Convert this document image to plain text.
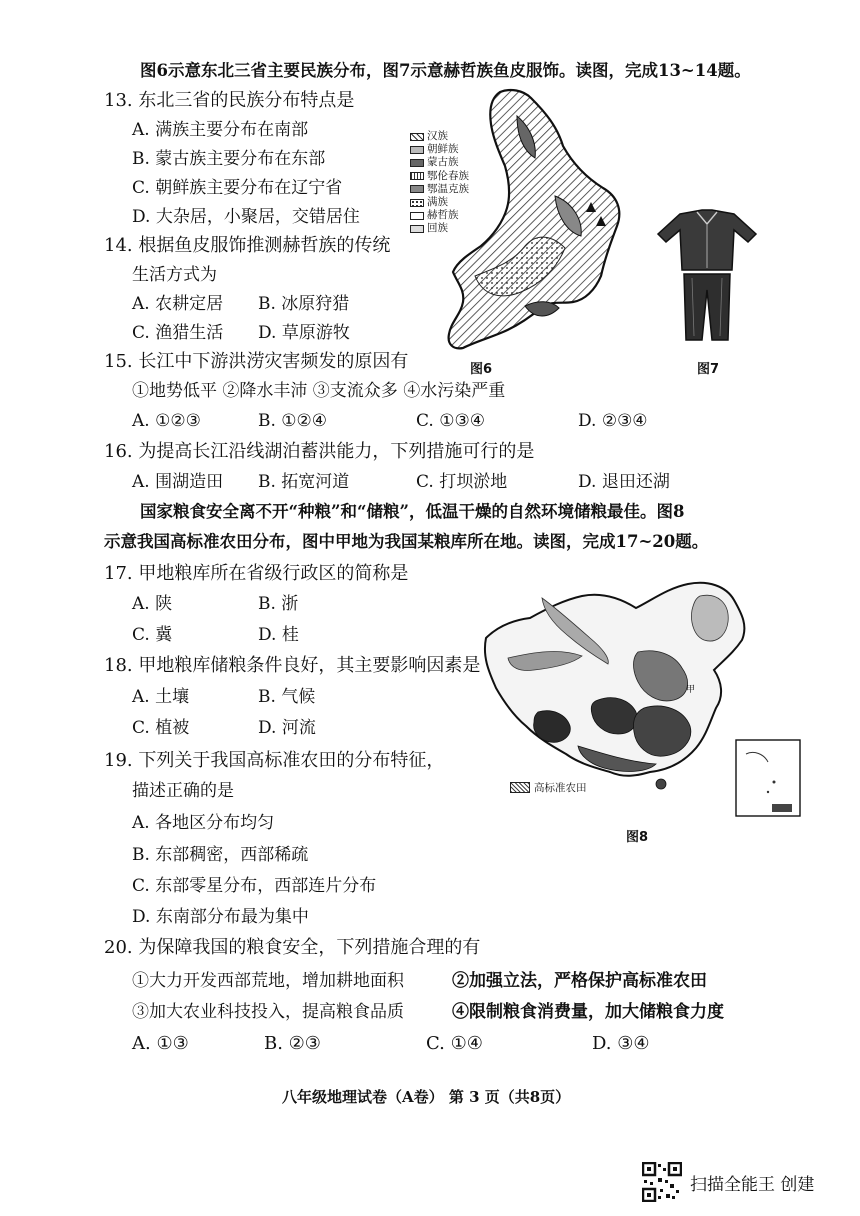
图6示意东北三省主要民族分布，图7示意赫哲族鱼皮服饰。读图，完成13~14题。
13. 东北三省的民族分布特点是
A. 满族主要分布在南部
B. 蒙古族主要分布在东部
C. 朝鲜族主要分布在辽宁省
D. 大杂居，小聚居，交错居住
14. 根据鱼皮服饰推测赫哲族的传统
生活方式为
A. 农耕定居 B. 冰原狩猎
C. 渔猎生活 D. 草原游牧
汉族
朝鲜族
蒙古族
鄂伦春族
鄂温克族
满族
赫哲族
回族
图6	图7
15. 长江中下游洪涝灾害频发的原因有
①地势低平 ②降水丰沛 ③支流众多 ④水污染严重
A. ①②③	B. ①②④	C. ①③④	D. ②③④
16. 为提高长江沿线湖泊蓄洪能力，下列措施可行的是
A. 围湖造田 B. 拓宽河道	C. 打坝淤地	D. 退田还湖
国家粮食安全离不开“种粮”和“储粮”，低温干燥的自然环境储粮最佳。图8
示意我国高标准农田分布，图中甲地为我国某粮库所在地。读图，完成17~20题。
17. 甲地粮库所在省级行政区的简称是
A. 陕	B. 浙
C. 冀	D. 桂
18. 甲地粮库储粮条件良好，其主要影响因素是
A. 土壤	B. 气候
C. 植被	D. 河流
甲
高标准农田
图8
19. 下列关于我国高标准农田的分布特征，
描述正确的是
A. 各地区分布均匀
B. 东部稠密，西部稀疏
C. 东部零星分布，西部连片分布
D. 东南部分布最为集中
20. 为保障我国的粮食安全，下列措施合理的有
①大力开发西部荒地，增加耕地面积	②加强立法，严格保护高标准农田
③加大农业科技投入，提高粮食品质	④限制粮食消费量，加大储粮食力度
A. ①③	B. ②③	C. ①④	D. ③④
八年级地理试卷（A卷） 第 3 页（共8页）
扫描全能王 创建
